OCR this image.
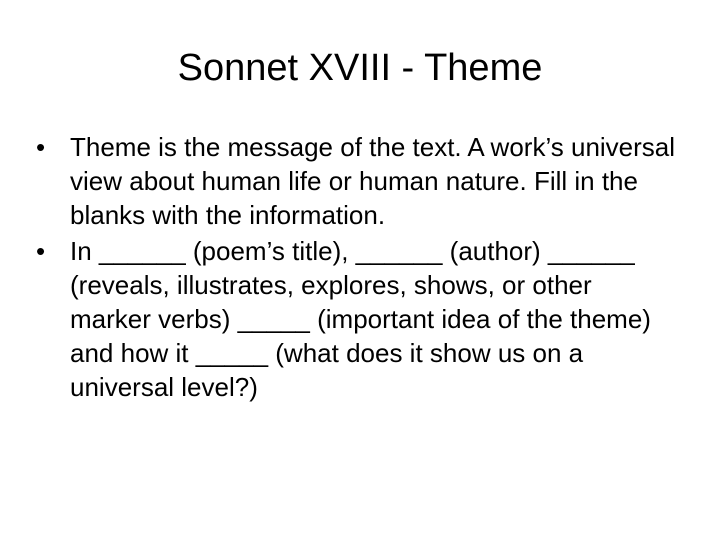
Sonnet XVIII - Theme
• Theme is the message of the text. A work’s universal view about human life or human nature. Fill in the blanks with the information.
• In ______ (poem’s title), ______ (author) ______ (reveals, illustrates, explores, shows, or other marker verbs) _____ (important idea of the theme) and how it _____ (what does it show us on a universal level?)
